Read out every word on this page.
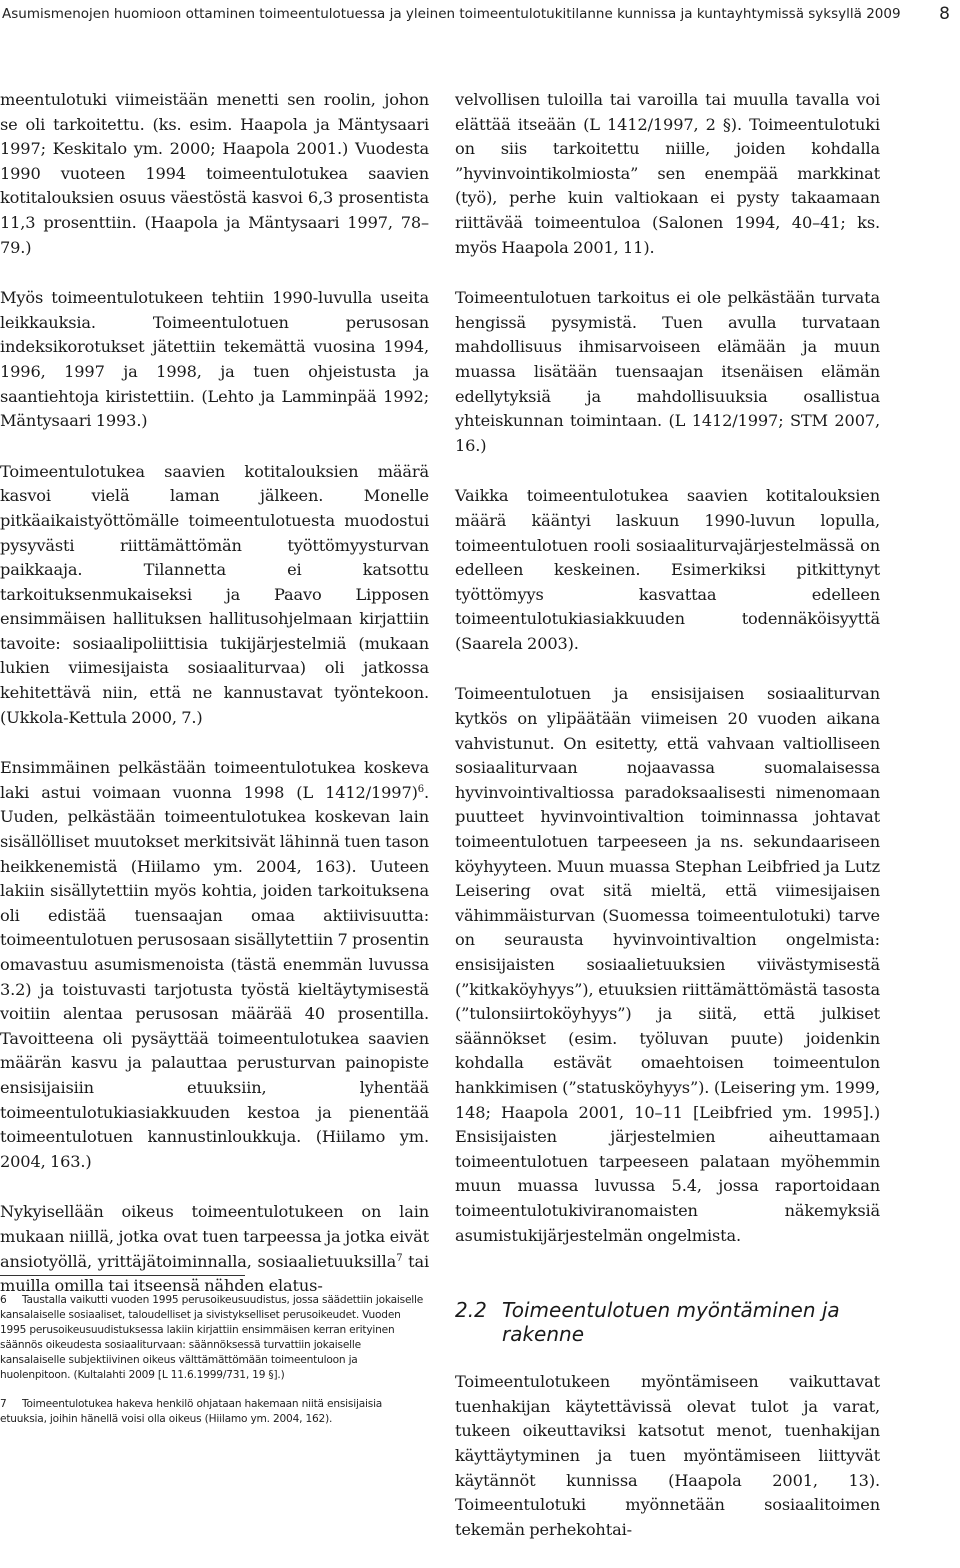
Asumismenojen huomioon ottaminen toimeentulotuessa ja yleinen toimeentulotukitilanne kunnissa ja kuntayhtymissä syksyllä 2009 8

meentulotuki viimeistään menetti sen roolin, johon se oli tarkoitettu. (ks. esim. Haapola ja Mäntysaari 1997; Keskitalo ym. 2000; Haapola 2001.) Vuodesta 1990 vuoteen 1994 toimeentulotukea saavien kotitalouksien osuus väestöstä kasvoi 6,3 prosentista 11,3 prosenttiin. (Haapola ja Mäntysaari 1997, 78–79.)

Myös toimeentulotukeen tehtiin 1990-luvulla useita leikkauksia. Toimeentulotuen perusosan indeksikorotukset jätettiin tekemättä vuosina 1994, 1996, 1997 ja 1998, ja tuen ohjeistusta ja saantiehtoja kiristettiin. (Lehto ja Lamminpää 1992; Mäntysaari 1993.)

Toimeentulotukea saavien kotitalouksien määrä kasvoi vielä laman jälkeen. Monelle pitkäaikaistyöttömälle toimeentulotuesta muodostui pysyvästi riittämättömän työttömyysturvan paikkaaja. Tilannetta ei katsottu tarkoituksenmukaiseksi ja Paavo Lipposen ensimmäisen hallituksen hallitusohjelmaan kirjattiin tavoite: sosiaalipoliittisia tukijärjestelmiä (mukaan lukien viimesijaista sosiaaliturvaa) oli jatkossa kehitettävä niin, että ne kannustavat työntekoon. (Ukkola-Kettula 2000, 7.)

Ensimmäinen pelkästään toimeentulotukea koskeva laki astui voimaan vuonna 1998 (L 1412/1997)$^6$. Uuden, pelkästään toimeentulotukea koskevan lain sisällölliset muutokset merkitsivät lähinnä tuen tason heikkenemistä (Hiilamo ym. 2004, 163). Uuteen lakiin sisällytettiin myös kohtia, joiden tarkoituksena oli edistää tuensaajan omaa aktiivisuutta: toimeentulotuen perusosaan sisällytettiin 7 prosentin omavastuu asumismenoista (tästä enemmän luvussa 3.2) ja toistuvasti tarjotusta työstä kieltäytymisestä voitiin alentaa perusosan määrää 40 prosentilla. Tavoitteena oli pysäyttää toimeentulotukea saavien määrän kasvu ja palauttaa perusturvan painopiste ensisijaisiin etuuksiin, lyhentää toimeentulotukiasiakkuuden kestoa ja pienentää toimeentulotuen kannustinloukkuja. (Hiilamo ym. 2004, 163.)

Nykyisellään oikeus toimeentulotukeen on lain mukaan niillä, jotka ovat tuen tarpeessa ja jotka eivät ansiotyöllä, yrittäjätoiminnalla, sosiaalietuuksilla$^7$ tai muilla omilla tai itseensä nähden elatus-

6 Taustalla vaikutti vuoden 1995 perusoikeusuudistus, jossa säädettiin jokaiselle kansalaiselle sosiaaliset, taloudelliset ja sivistykselliset perusoikeudet. Vuoden 1995 perusoikeusuudistuksessa lakiin kirjattiin ensimmäisen kerran erityinen säännös oikeudesta sosiaaliturvaan: säännöksessä turvattiin jokaiselle kansalaiselle subjektiivinen oikeus välttämättömään toimeentuloon ja huolenpitoon. (Kultalahti 2009 [L 11.6.1999/731, 19 §].)
7 Toimeentulotukea hakeva henkilö ohjataan hakemaan niitä ensisijaisia etuuksia, joihin hänellä voisi olla oikeus (Hiilamo ym. 2004, 162).

velvollisen tuloilla tai varoilla tai muulla tavalla voi elättää itseään (L 1412/1997, 2 §). Toimeentulotuki on siis tarkoitettu niille, joiden kohdalla ”hyvinvointikolmiosta” sen enempää markkinat (työ), perhe kuin valtiokaan ei pysty takaamaan riittävää toimeentuloa (Salonen 1994, 40–41; ks. myös Haapola 2001, 11).

Toimeentulotuen tarkoitus ei ole pelkästään turvata hengissä pysymistä. Tuen avulla turvataan mahdollisuus ihmisarvoiseen elämään ja muun muassa lisätään tuensaajan itsenäisen elämän edellytyksiä ja mahdollisuuksia osallistua yhteiskunnan toimintaan. (L 1412/1997; STM 2007, 16.)

Vaikka toimeentulotukea saavien kotitalouksien määrä kääntyi laskuun 1990-luvun lopulla, toimeentulotuen rooli sosiaaliturvajärjestelmässä on edelleen keskeinen. Esimerkiksi pitkittynyt työttömyys kasvattaa edelleen toimeentulotukiasiakkuuden todennäköisyyttä (Saarela 2003).

Toimeentulotuen ja ensisijaisen sosiaaliturvan kytkös on ylipäätään viimeisen 20 vuoden aikana vahvistunut. On esitetty, että vahvaan valtiolliseen sosiaaliturvaan nojaavassa suomalaisessa hyvinvointivaltiossa paradoksaalisesti nimenomaan puutteet hyvinvointivaltion toiminnassa johtavat toimeentulotuen tarpeeseen ja ns. sekundaariseen köyhyyteen. Muun muassa Stephan Leibfried ja Lutz Leisering ovat sitä mieltä, että viimesijaisen vähimmäisturvan (Suomessa toimeentulotuki) tarve on seurausta hyvinvointivaltion ongelmista: ensisijaisten sosiaalietuuksien viivästymisestä (”kitkaköyhyys”), etuuksien riittämättömästä tasosta (”tulonsiirtoköyhyys”) ja siitä, että julkiset säännökset (esim. työluvan puute) joidenkin kohdalla estävät omaehtoisen toimeentulon hankkimisen (”statusköyhyys”). (Leisering ym. 1999, 148; Haapola 2001, 10–11 [Leibfried ym. 1995].) Ensisijaisten järjestelmien aiheuttamaan toimeentulotuen tarpeeseen palataan myöhemmin muun muassa luvussa 5.4, jossa raportoidaan toimeentulotukiviranomaisten näkemyksiä asumistukijärjestelmän ongelmista.

2.2 Toimeentulotuen myöntäminen ja rakenne

Toimeentulotukeen myöntämiseen vaikuttavat tuenhakijan käytettävissä olevat tulot ja varat, tukeen oikeuttaviksi katsotut menot, tuenhakijan käyttäytyminen ja tuen myöntämiseen liittyvät käytännöt kunnissa (Haapola 2001, 13). Toimeentulotuki myönnetään sosiaalitoimen tekemän perhekohtai-
